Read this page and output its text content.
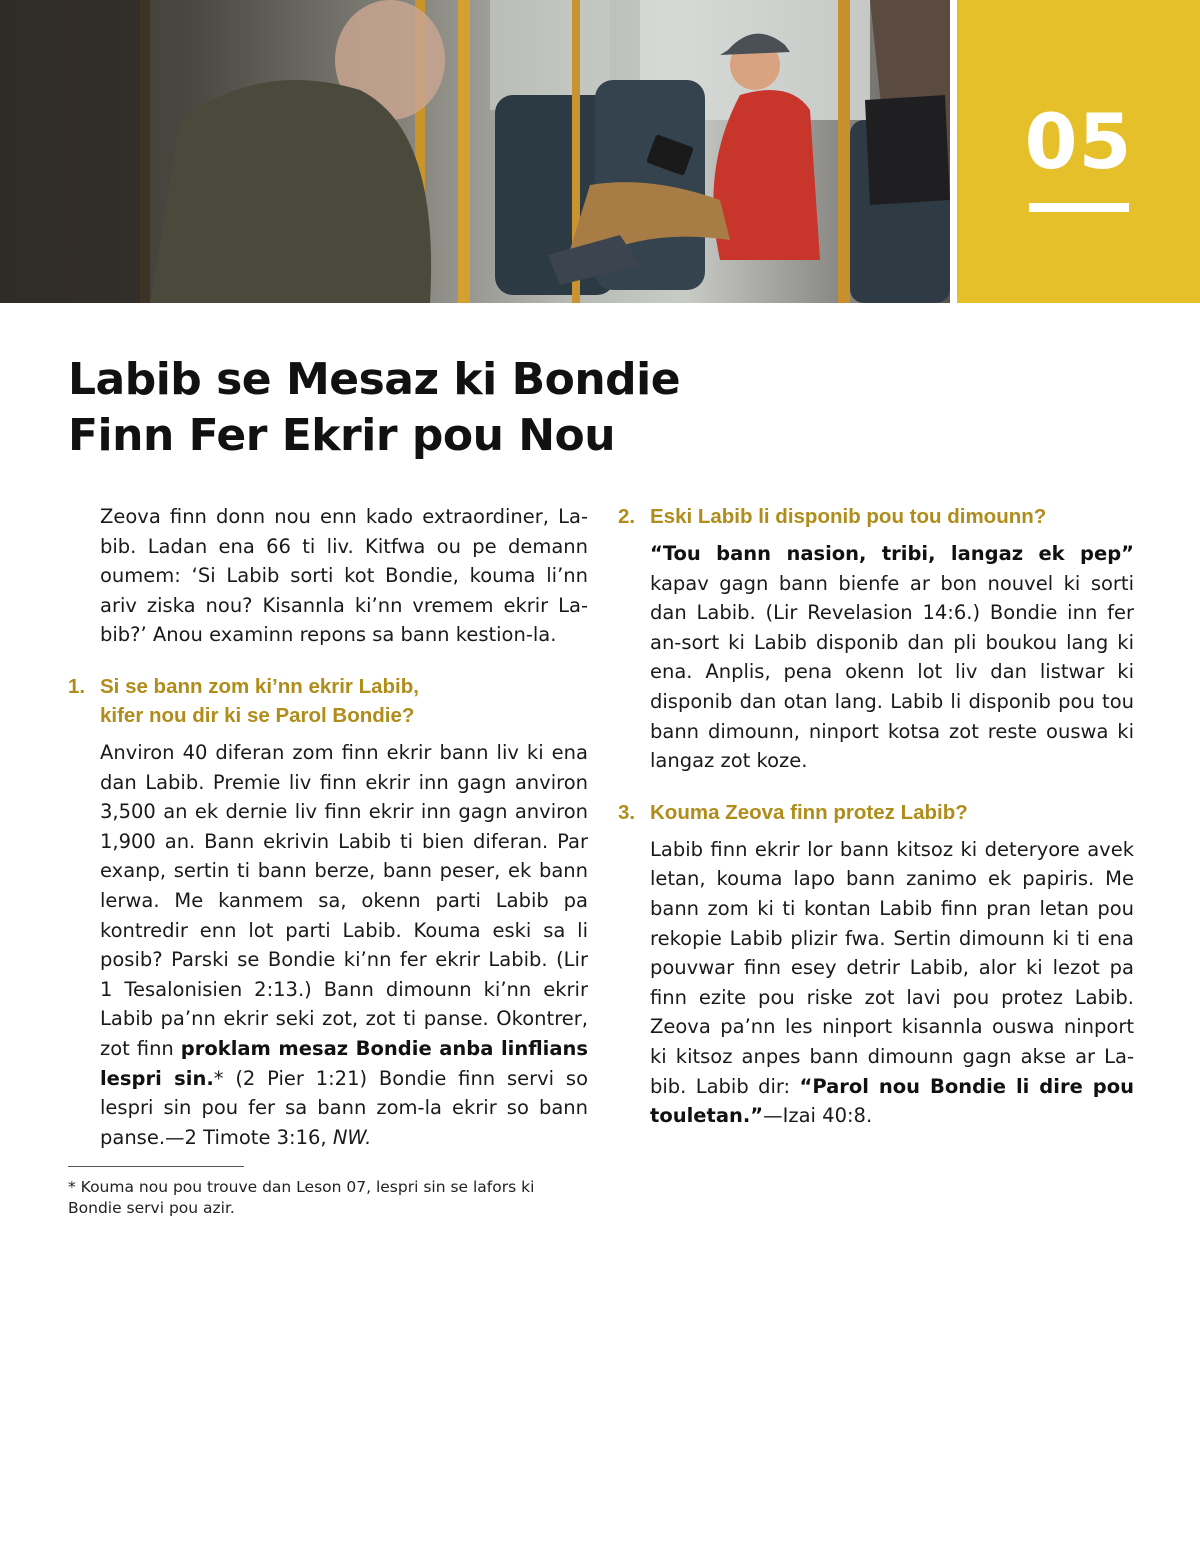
05
Labib se Mesaz ki Bondie
Finn Fer Ekrir pou Nou

Zeova finn donn nou enn kado extraordiner, Labib. Ladan ena 66 ti liv. Kitfwa ou pe demann oumem: ‘Si Labib sorti kot Bondie, kouma li’nn ariv ziska nou? Kisannla ki’nn vremem ekrir Labib?’ Anou examinn repons sa bann kestion-la.

1. Si se bann zom ki’nn ekrir Labib,
kifer nou dir ki se Parol Bondie?

Anviron 40 diferan zom finn ekrir bann liv ki ena dan Labib. Premie liv finn ekrir inn gagn anviron 3,500 an ek dernie liv finn ekrir inn gagn anviron 1,900 an. Bann ekrivin Labib ti bien diferan. Par exanp, sertin ti bann berze, bann peser, ek bann lerwa. Me kanmem sa, okenn parti Labib pa kontredir enn lot parti Labib. Kouma eski sa li posib? Parski se Bondie ki’nn fer ekrir Labib. (Lir 1 Tesalonisien 2:13.) Bann dimounn ki’nn ekrir Labib pa’nn ekrir seki zot, zot ti panse. Okontrer, zot finn proklam mesaz Bondie anba linflians lespri sin.* (2 Pier 1:21) Bondie finn servi so lespri sin pou fer sa bann zom-la ekrir so bann panse.—2 Timote 3:16, NW.

* Kouma nou pou trouve dan Leson 07, lespri sin se lafors ki Bondie servi pou azir.

2. Eski Labib li disponib pou tou dimounn?

“Tou bann nasion, tribi, langaz ek pep” kapav gagn bann bienfe ar bon nouvel ki sorti dan Labib. (Lir Revelasion 14:6.) Bondie inn fer an-sort ki Labib disponib dan pli boukou lang ki ena. Anplis, pena okenn lot liv dan listwar ki disponib dan otan lang. Labib li disponib pou tou bann dimounn, ninport kotsa zot reste ouswa ki langaz zot koze.

3. Kouma Zeova finn protez Labib?

Labib finn ekrir lor bann kitsoz ki deteryore avek letan, kouma lapo bann zanimo ek papiris. Me bann zom ki ti kontan Labib finn pran letan pou rekopie Labib plizir fwa. Sertin dimounn ki ti ena pouvwar finn esey detrir Labib, alor ki lezot pa finn ezite pou riske zot lavi pou protez Labib. Zeova pa’nn les ninport kisannla ouswa ninport ki kitsoz anpes bann dimounn gagn akse ar Labib. Labib dir: “Parol nou Bondie li dire pou touletan.”—Izai 40:8.
